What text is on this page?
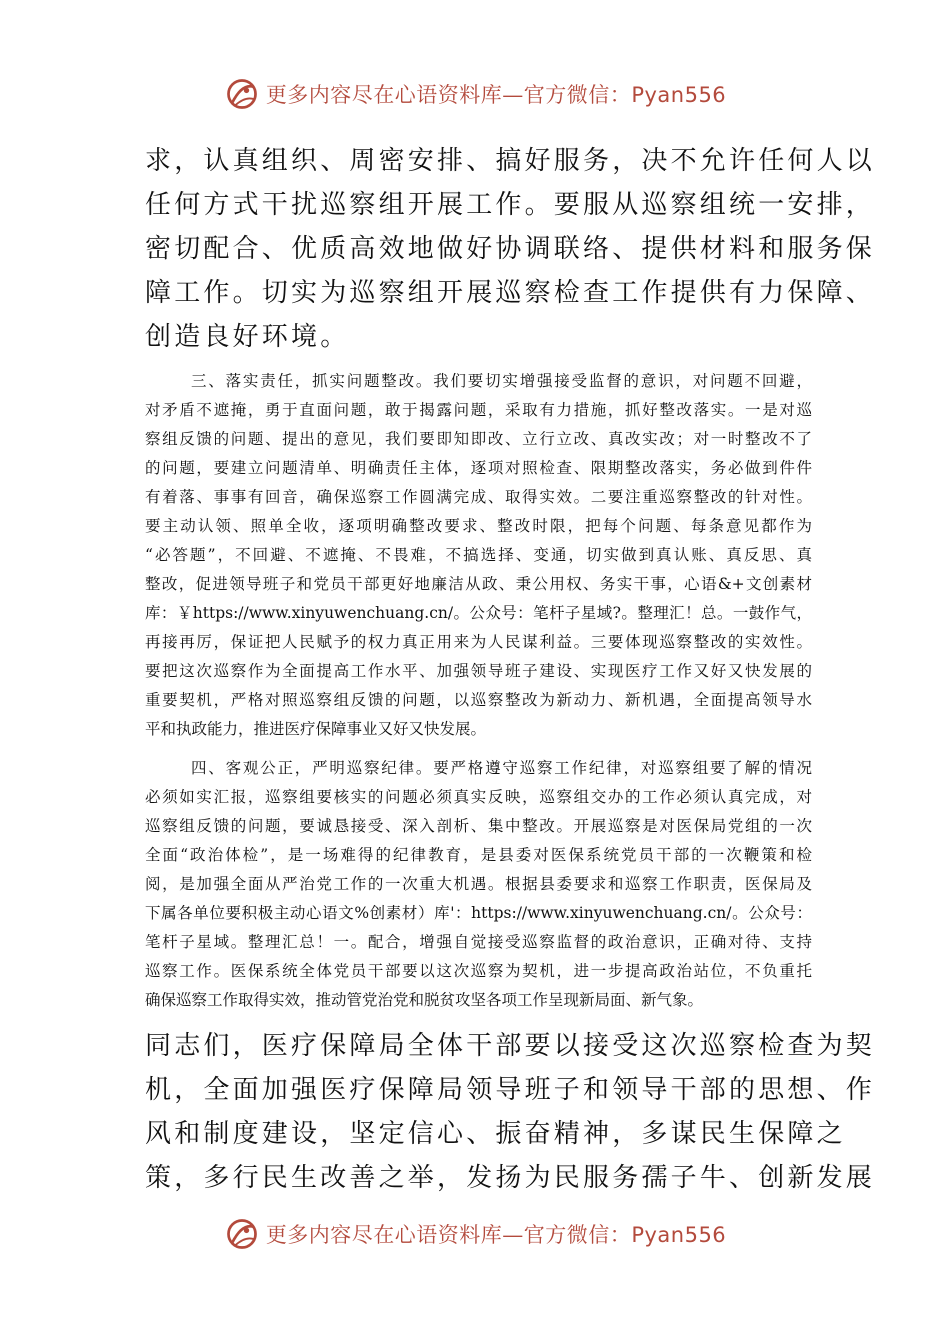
更多内容尽在心语资料库—官方微信：Pyan556
求，认真组织、周密安排、搞好服务，决不允许任何人以
任何方式干扰巡察组开展工作。要服从巡察组统一安排，
密切配合、优质高效地做好协调联络、提供材料和服务保
障工作。切实为巡察组开展巡察检查工作提供有力保障、
创造良好环境。
三、落实责任，抓实问题整改。我们要切实增强接受监督的意识，对问题不回避，
对矛盾不遮掩，勇于直面问题，敢于揭露问题，采取有力措施，抓好整改落实。一是对巡
察组反馈的问题、提出的意见，我们要即知即改、立行立改、真改实改；对一时整改不了
的问题，要建立问题清单、明确责任主体，逐项对照检查、限期整改落实，务必做到件件
有着落、事事有回音，确保巡察工作圆满完成、取得实效。二要注重巡察整改的针对性。
要主动认领、照单全收，逐项明确整改要求、整改时限，把每个问题、每条意见都作为
“必答题”，不回避、不遮掩、不畏难，不搞选择、变通，切实做到真认账、真反思、真
整改，促进领导班子和党员干部更好地廉洁从政、秉公用权、务实干事，心语&+文创素材
库：￥https://www.xinyuwenchuang.cn/。公众号：笔杆子星域?。整理汇！总。一鼓作气，
再接再厉，保证把人民赋予的权力真正用来为人民谋利益。三要体现巡察整改的实效性。
要把这次巡察作为全面提高工作水平、加强领导班子建设、实现医疗工作又好又快发展的
重要契机，严格对照巡察组反馈的问题，以巡察整改为新动力、新机遇，全面提高领导水
平和执政能力，推进医疗保障事业又好又快发展。
四、客观公正，严明巡察纪律。要严格遵守巡察工作纪律，对巡察组要了解的情况
必须如实汇报，巡察组要核实的问题必须真实反映，巡察组交办的工作必须认真完成，对
巡察组反馈的问题，要诚恳接受、深入剖析、集中整改。开展巡察是对医保局党组的一次
全面“政治体检”，是一场难得的纪律教育，是县委对医保系统党员干部的一次鞭策和检
阅，是加强全面从严治党工作的一次重大机遇。根据县委要求和巡察工作职责，医保局及
下属各单位要积极主动心语文%创素材）库'：https://www.xinyuwenchuang.cn/。公众号：
笔杆子星域。整理汇总！一。配合，增强自觉接受巡察监督的政治意识，正确对待、支持
巡察工作。医保系统全体党员干部要以这次巡察为契机，进一步提高政治站位，不负重托
确保巡察工作取得实效，推动管党治党和脱贫攻坚各项工作呈现新局面、新气象。
同志们，医疗保障局全体干部要以接受这次巡察检查为契
机，全面加强医疗保障局领导班子和领导干部的思想、作
风和制度建设，坚定信心、振奋精神，多谋民生保障之
策，多行民生改善之举，发扬为民服务孺子牛、创新发展
更多内容尽在心语资料库—官方微信：Pyan556
